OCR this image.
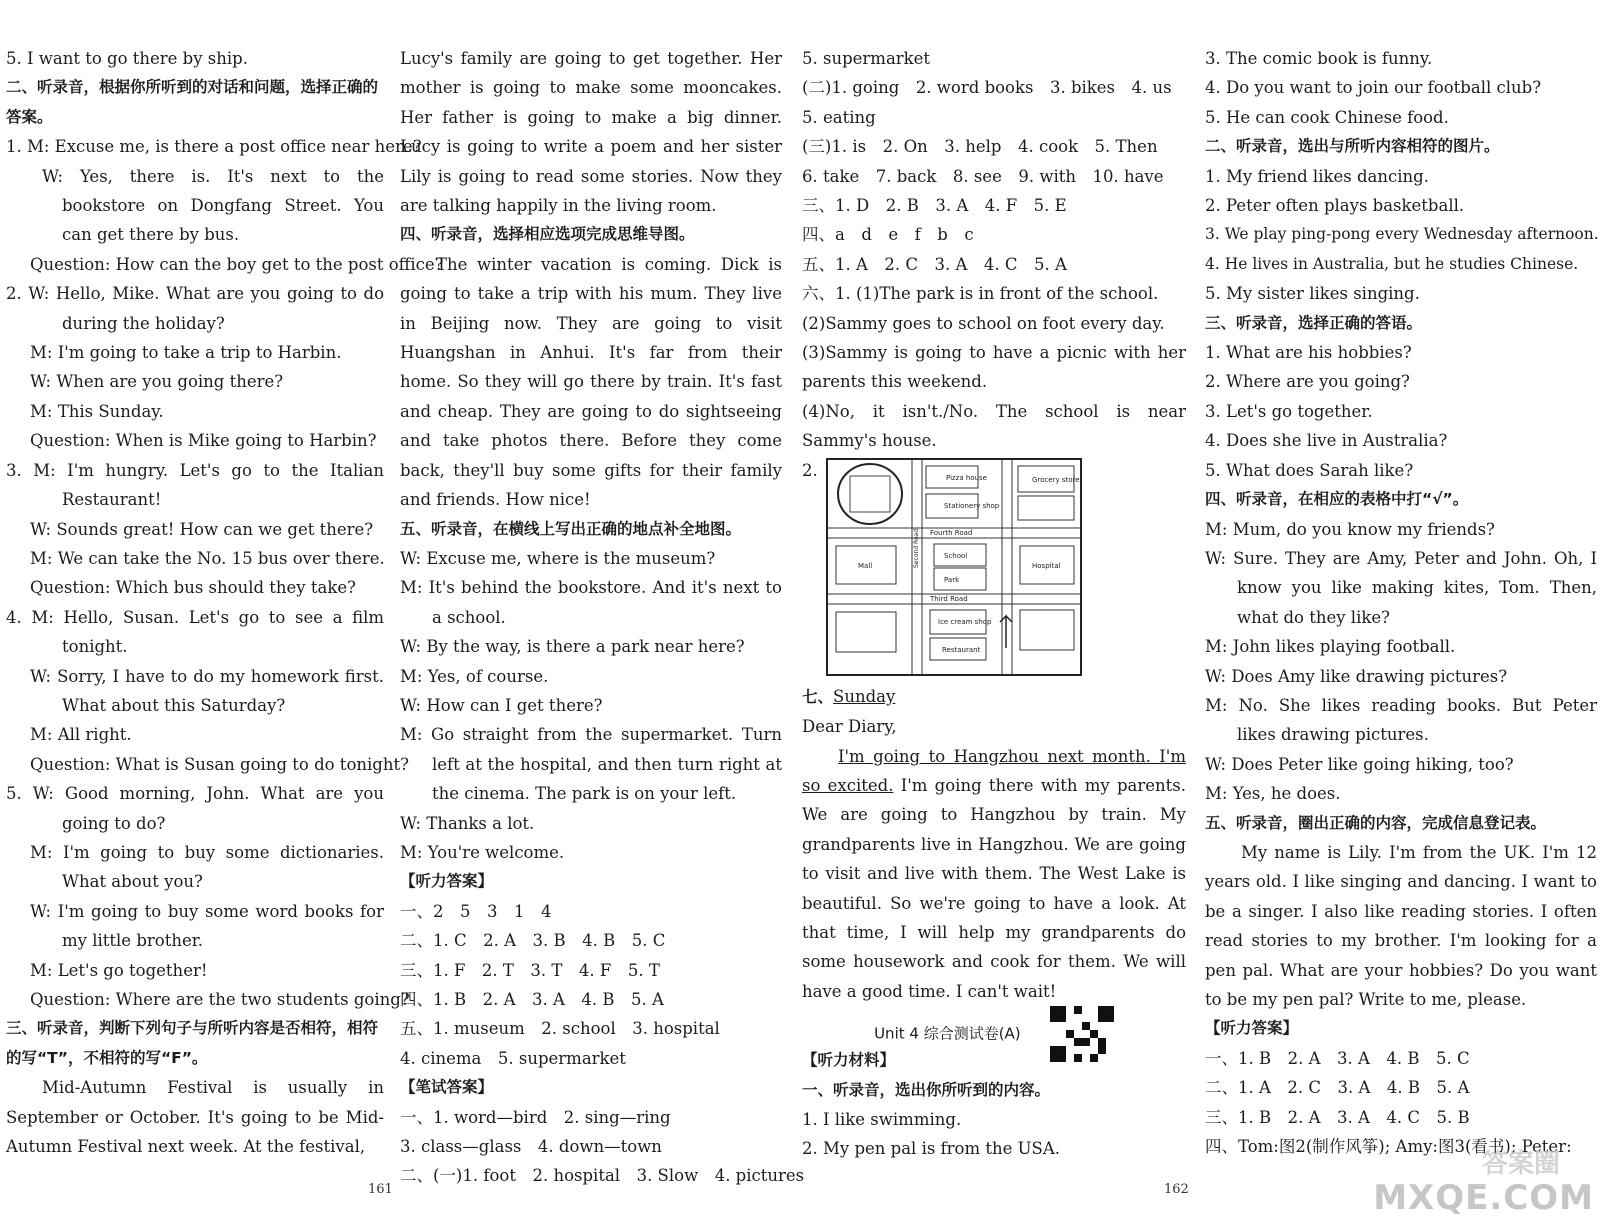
5. I want to go there by ship.
二、听录音，根据你所听到的对话和问题，选择正确的答案。
1. M: Excuse me, is there a post office near here?
W: Yes, there is. It's next to the bookstore on Dongfang Street. You can get there by bus.
Question: How can the boy get to the post office?
2. W: Hello, Mike. What are you going to do during the holiday?
M: I'm going to take a trip to Harbin.
W: When are you going there?
M: This Sunday.
Question: When is Mike going to Harbin?
3. M: I'm hungry. Let's go to the Italian Restaurant!
W: Sounds great! How can we get there?
M: We can take the No. 15 bus over there.
Question: Which bus should they take?
4. M: Hello, Susan. Let's go to see a film tonight.
W: Sorry, I have to do my homework first. What about this Saturday?
M: All right.
Question: What is Susan going to do tonight?
5. W: Good morning, John. What are you going to do?
M: I'm going to buy some dictionaries. What about you?
W: I'm going to buy some word books for my little brother.
M: Let's go together!
Question: Where are the two students going?
三、听录音，判断下列句子与所听内容是否相符，相符的写“T”，不相符的写“F”。
Mid-Autumn Festival is usually in September or October. It's going to be Mid-Autumn Festival next week. At the festival,
Lucy's family are going to get together. Her mother is going to make some mooncakes. Her father is going to make a big dinner. Lucy is going to write a poem and her sister Lily is going to read some stories. Now they are talking happily in the living room.
四、听录音，选择相应选项完成思维导图。
The winter vacation is coming. Dick is going to take a trip with his mum. They live in Beijing now. They are going to visit Huangshan in Anhui. It's far from their home. So they will go there by train. It's fast and cheap. They are going to do sightseeing and take photos there. Before they come back, they'll buy some gifts for their family and friends. How nice!
五、听录音，在横线上写出正确的地点补全地图。
W: Excuse me, where is the museum?
M: It's behind the bookstore. And it's next to a school.
W: By the way, is there a park near here?
M: Yes, of course.
W: How can I get there?
M: Go straight from the supermarket. Turn left at the hospital, and then turn right at the cinema. The park is on your left.
W: Thanks a lot.
M: You're welcome.
【听力答案】
一、2　5　3　1　4
二、1. C　2. A　3. B　4. B　5. C
三、1. F　2. T　3. T　4. F　5. T
四、1. B　2. A　3. A　4. B　5. A
五、1. museum　2. school　3. hospital
4. cinema　5. supermarket
【笔试答案】
一、1. word—bird　2. sing—ring
3. class—glass　4. down—town
二、(一)1. foot　2. hospital　3. Slow　4. pictures
5. supermarket
(二)1. going　2. word books　3. bikes　4. us
5. eating
(三)1. is　2. On　3. help　4. cook　5. Then
6. take　7. back　8. see　9. with　10. have
三、1. D　2. B　3. A　4. F　5. E
四、a　d　e　f　b　c
五、1. A　2. C　3. A　4. C　5. A
六、1. (1)The park is in front of the school.
(2)Sammy goes to school on foot every day.
(3)Sammy is going to have a picnic with her parents this weekend.
(4)No, it isn't./No. The school is near Sammy's house.
2.	Pizza house
Stationery shop
Fourth Road
Grocery store
Mall
School
Park
Third Road
Hospital
Second Road
Ice cream shop
Restaurant
七、Sunday
Dear Diary,
I'm going to Hangzhou next month. I'm so excited. I'm going there with my parents. We are going to Hangzhou by train. My grandparents live in Hangzhou. We are going to visit and live with them. The West Lake is beautiful. So we're going to have a look. At that time, I will help my grandparents do some housework and cook for them. We will have a good time. I can't wait!
Unit 4 综合测试卷(A)
【听力材料】
一、听录音，选出你所听到的内容。
1. I like swimming.
2. My pen pal is from the USA.
3. The comic book is funny.
4. Do you want to join our football club?
5. He can cook Chinese food.
二、听录音，选出与所听内容相符的图片。
1. My friend likes dancing.
2. Peter often plays basketball.
3. We play ping-pong every Wednesday afternoon.
4. He lives in Australia, but he studies Chinese.
5. My sister likes singing.
三、听录音，选择正确的答语。
1. What are his hobbies?
2. Where are you going?
3. Let's go together.
4. Does she live in Australia?
5. What does Sarah like?
四、听录音，在相应的表格中打“√”。
M: Mum, do you know my friends?
W: Sure. They are Amy, Peter and John. Oh, I know you like making kites, Tom. Then, what do they like?
M: John likes playing football.
W: Does Amy like drawing pictures?
M: No. She likes reading books. But Peter likes drawing pictures.
W: Does Peter like going hiking, too?
M: Yes, he does.
五、听录音，圈出正确的内容，完成信息登记表。
My name is Lily. I'm from the UK. I'm 12 years old. I like singing and dancing. I want to be a singer. I also like reading stories. I often read stories to my brother. I'm looking for a pen pal. What are your hobbies? Do you want to be my pen pal? Write to me, please.
【听力答案】
一、1. B　2. A　3. A　4. B　5. C
二、1. A　2. C　3. A　4. B　5. A
三、1. B　2. A　3. A　4. C　5. B
四、Tom:图2(制作风筝); Amy:图3(看书); Peter:
161	162
答案圈
MXQE.COM
